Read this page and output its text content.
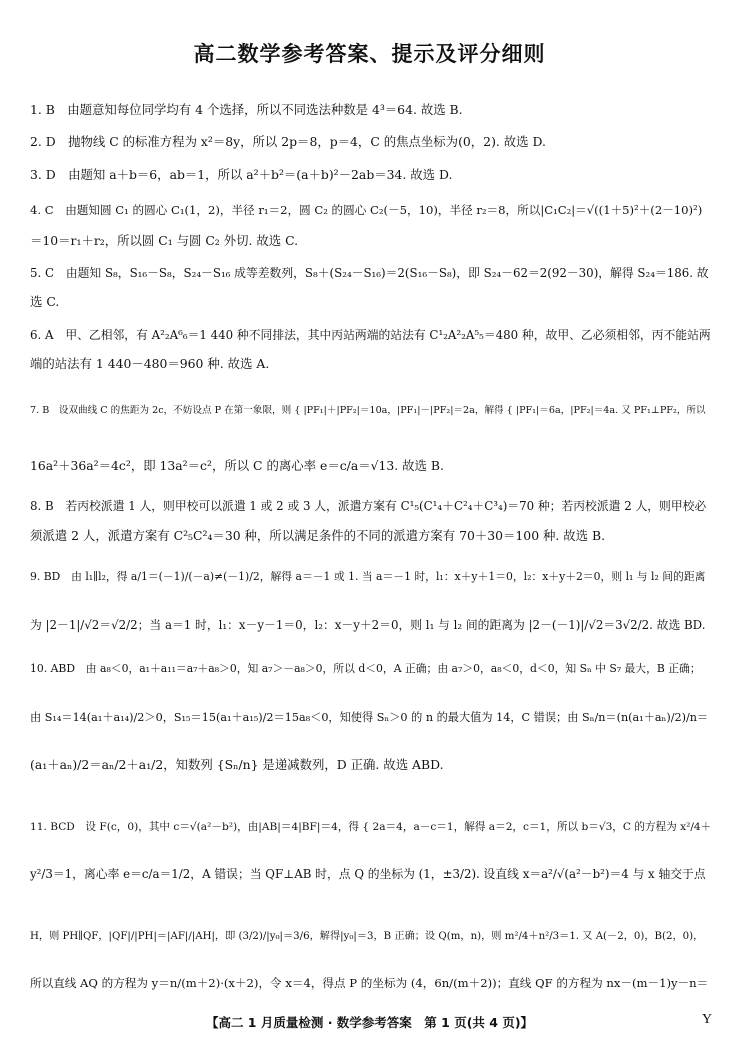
高二数学参考答案、提示及评分细则
1. B　由题意知每位同学均有 4 个选择，所以不同选法种数是 4³＝64. 故选 B.
2. D　抛物线 C 的标准方程为 x²＝8y，所以 2p＝8，p＝4，C 的焦点坐标为(0，2). 故选 D.
3. D　由题知 a＋b＝6，ab＝1，所以 a²＋b²＝(a＋b)²－2ab＝34. 故选 D.
4. C　由题知圆 C₁ 的圆心 C₁(1，2)，半径 r₁＝2，圆 C₂ 的圆心 C₂(－5，10)，半径 r₂＝8，所以|C₁C₂|＝√((1＋5)²＋(2－10)²)
＝10＝r₁＋r₂，所以圆 C₁ 与圆 C₂ 外切. 故选 C.
5. C　由题知 S₈，S₁₆－S₈，S₂₄－S₁₆ 成等差数列，S₈＋(S₂₄－S₁₆)＝2(S₁₆－S₈)，即 S₂₄－62＝2(92－30)，解得 S₂₄＝186. 故
选 C.
6. A　甲、乙相邻，有 A²₂A⁶₆＝1 440 种不同排法，其中丙站两端的站法有 C¹₂A²₂A⁵₅＝480 种，故甲、乙必须相邻，丙不能站两
端的站法有 1 440－480＝960 种. 故选 A.
7. B　设双曲线 C 的焦距为 2c，不妨设点 P 在第一象限，则 { |PF₁|＋|PF₂|＝10a，|PF₁|－|PF₂|＝2a，解得 { |PF₁|＝6a，|PF₂|＝4a. 又 PF₁⊥PF₂，所以
16a²＋36a²＝4c²，即 13a²＝c²，所以 C 的离心率 e＝c/a＝√13. 故选 B.
8. B　若丙校派遣 1 人，则甲校可以派遣 1 或 2 或 3 人，派遣方案有 C¹₅(C¹₄＋C²₄＋C³₄)＝70 种；若丙校派遣 2 人，则甲校必
须派遣 2 人，派遣方案有 C²₅C²₄＝30 种，所以满足条件的不同的派遣方案有 70＋30＝100 种. 故选 B.
9. BD　由 l₁∥l₂，得 a/1＝(－1)/(－a)≠(－1)/2，解得 a＝－1 或 1. 当 a＝－1 时，l₁：x＋y＋1＝0，l₂：x＋y＋2＝0，则 l₁ 与 l₂ 间的距离
为 |2－1|/√2＝√2/2；当 a＝1 时，l₁：x－y－1＝0，l₂：x－y＋2＝0，则 l₁ 与 l₂ 间的距离为 |2－(－1)|/√2＝3√2/2. 故选 BD.
10. ABD　由 a₈＜0，a₁＋a₁₁＝a₇＋a₈＞0，知 a₇＞－a₈＞0，所以 d＜0，A 正确；由 a₇＞0，a₈＜0，d＜0，知 Sₙ 中 S₇ 最大，B 正确；
由 S₁₄＝14(a₁＋a₁₄)/2＞0，S₁₅＝15(a₁＋a₁₅)/2＝15a₈＜0，知使得 Sₙ＞0 的 n 的最大值为 14，C 错误；由 Sₙ/n＝(n(a₁＋aₙ)/2)/n＝
(a₁＋aₙ)/2＝aₙ/2＋a₁/2，知数列 {Sₙ/n} 是递减数列，D 正确. 故选 ABD.
11. BCD　设 F(c，0)，其中 c＝√(a²－b²)，由|AB|＝4|BF|＝4，得 { 2a＝4，a－c＝1，解得 a＝2，c＝1，所以 b＝√3，C 的方程为 x²/4＋
y²/3＝1，离心率 e＝c/a＝1/2，A 错误；当 QF⊥AB 时，点 Q 的坐标为 (1，±3/2). 设直线 x＝a²/√(a²－b²)＝4 与 x 轴交于点
H，则 PH∥QF，|QF|/|PH|＝|AF|/|AH|，即 (3/2)/|y₀|＝3/6，解得|y₀|＝3，B 正确；设 Q(m，n)，则 m²/4＋n²/3＝1. 又 A(－2，0)，B(2，0)，
所以直线 AQ 的方程为 y＝n/(m＋2)·(x＋2)，令 x＝4，得点 P 的坐标为 (4，6n/(m＋2))；直线 QF 的方程为 nx－(m－1)y－n＝
【高二 1 月质量检测 · 数学参考答案　第 1 页(共 4 页)】	Y
